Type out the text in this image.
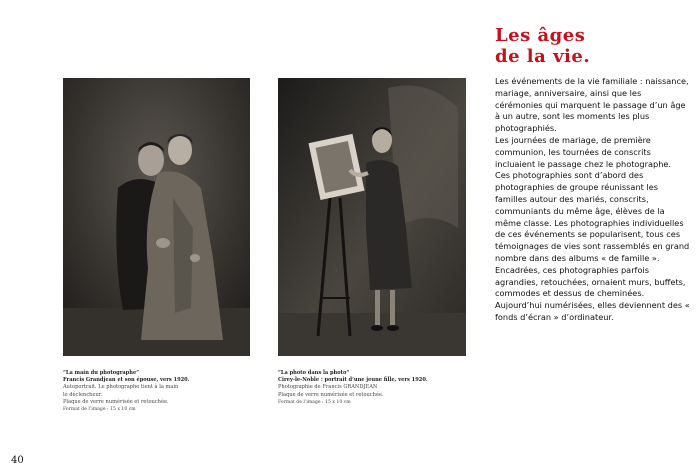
“La main du photographe”
Francis Grandjean et son épouse, vers 1920.
Autoportrait. Le photographe tient à la main
le déclencheur.
Plaque de verre numérisée et retouchée.
Format de l’image : 15 x 10 cm
“La photo dans la photo”
Cirey-le-Noble : portrait d’une jeune fille, vers 1920.
Photographie de Francis GRANDJEAN
Plaque de verre numérisée et retouchée.
Format de l’image : 15 x 10 cm
Les âges
de la vie.

Les événements de la vie familiale : naissance, mariage, anniversaire, ainsi que les cérémonies qui marquent le passage d’un âge à un autre, sont les moments les plus photographiés.

Les journées de mariage, de première communion, les tournées de conscrits incluaient le passage chez le photographe.

Ces photographies sont d’abord des photographies de groupe réunissant les familles autour des mariés, conscrits, communiants du même âge, élèves de la même classe. Les photographies individuelles de ces événements se popularisent, tous ces témoignages de vies sont rassemblés en grand nombre dans des albums « de famille ».

Encadrées, ces photographies parfois agrandies, retouchées, ornaient murs, buffets, commodes et dessus de cheminées.

Aujourd’hui numérisées, elles deviennent des « fonds d’écran » d’ordinateur.

40
